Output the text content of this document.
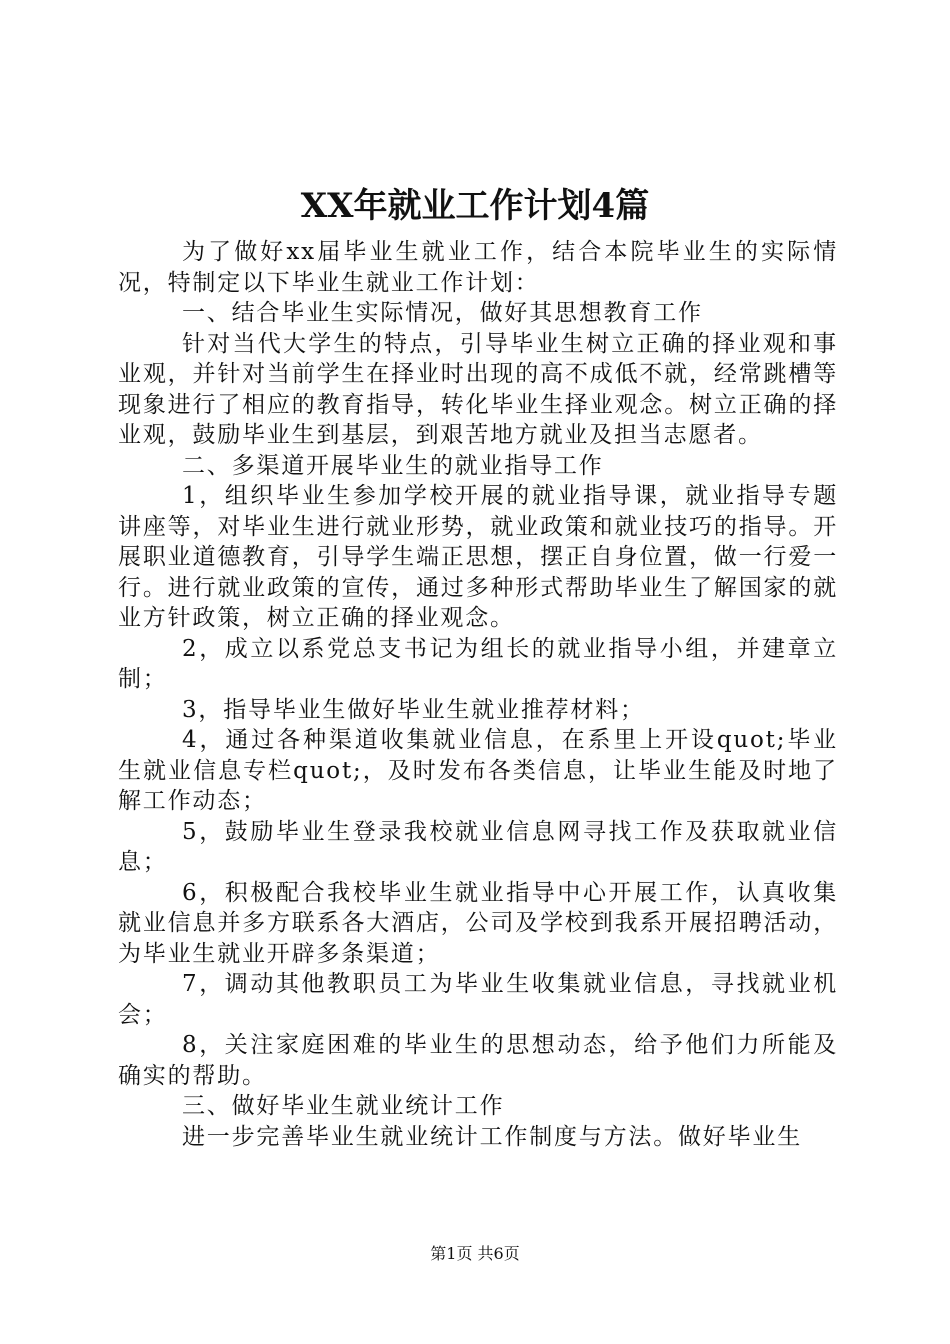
XX年就业工作计划4篇

为了做好xx届毕业生就业工作，结合本院毕业生的实际情况，特制定以下毕业生就业工作计划：

一、结合毕业生实际情况，做好其思想教育工作

针对当代大学生的特点，引导毕业生树立正确的择业观和事业观，并针对当前学生在择业时出现的高不成低不就，经常跳槽等现象进行了相应的教育指导，转化毕业生择业观念。树立正确的择业观，鼓励毕业生到基层，到艰苦地方就业及担当志愿者。

二、多渠道开展毕业生的就业指导工作

1，组织毕业生参加学校开展的就业指导课，就业指导专题讲座等，对毕业生进行就业形势，就业政策和就业技巧的指导。开展职业道德教育，引导学生端正思想，摆正自身位置，做一行爱一行。进行就业政策的宣传，通过多种形式帮助毕业生了解国家的就业方针政策，树立正确的择业观念。

2，成立以系党总支书记为组长的就业指导小组，并建章立制；

3，指导毕业生做好毕业生就业推荐材料；

4，通过各种渠道收集就业信息，在系里上开设quot;毕业生就业信息专栏quot;，及时发布各类信息，让毕业生能及时地了解工作动态；

5，鼓励毕业生登录我校就业信息网寻找工作及获取就业信息；

6，积极配合我校毕业生就业指导中心开展工作，认真收集就业信息并多方联系各大酒店，公司及学校到我系开展招聘活动，为毕业生就业开辟多条渠道；

7，调动其他教职员工为毕业生收集就业信息，寻找就业机会；

8，关注家庭困难的毕业生的思想动态，给予他们力所能及确实的帮助。

三、做好毕业生就业统计工作

进一步完善毕业生就业统计工作制度与方法。做好毕业生

第1页 共6页
